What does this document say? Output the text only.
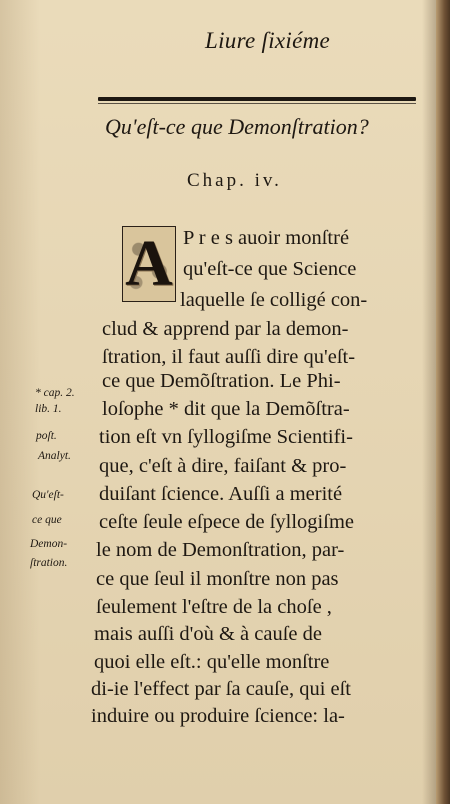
Liure ſixiéme
Qu'eſt-ce que Demonſtration?
Chap. iv.
A P r e s auoir monſtré
qu'eſt-ce que Science
laquelle ſe colligé con-
clud & apprend par la demon-
ſtration, il faut auſſi dire qu'eſt-
ce que Demõſtration. Le Phi-
loſophe * dit que la Demõſtra-
tion eſt vn ſyllogiſme Scientifi-
que, c'eſt à dire, faiſant & pro-
duiſant ſcience. Auſſi a merité
ceſte ſeule eſpece de ſyllogiſme
le nom de Demonſtration, par-
ce que ſeul il monſtre non pas
ſeulement l'eſtre de la choſe ,
mais auſſi d'où & à cauſe de
quoi elle eſt.: qu'elle monſtre
di-ie l'effect par ſa cauſe, qui eſt
induire ou produire ſcience: la-
* cap. 2.
lib. 1.
poſt.
Analyt.
Qu'eſt-
ce que
Demon-
ſtration.
